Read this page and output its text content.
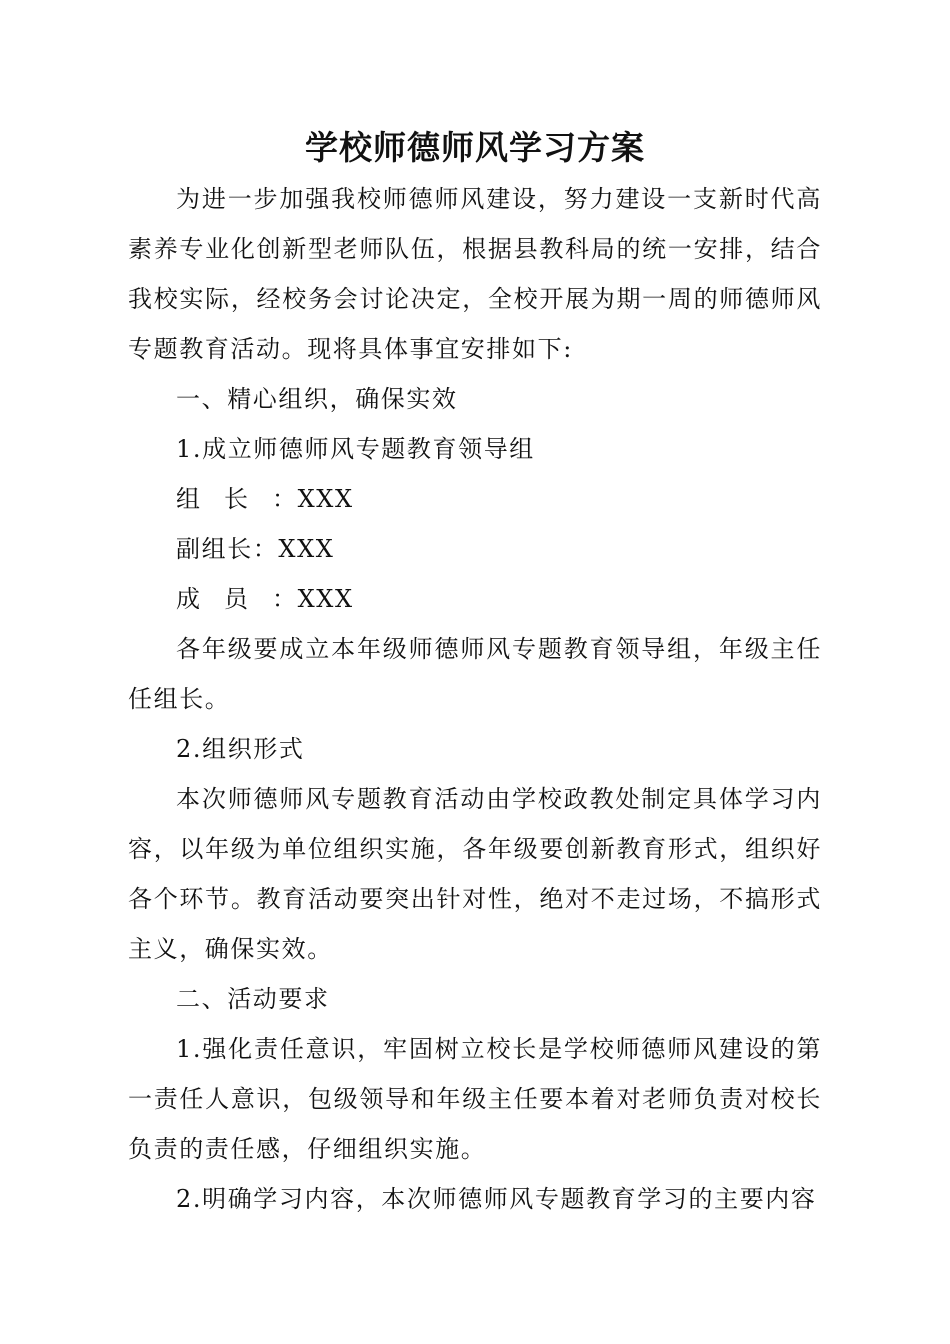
学校师德师风学习方案

为进一步加强我校师德师风建设，努力建设一支新时代高素养专业化创新型老师队伍，根据县教科局的统一安排，结合我校实际，经校务会讨论决定，全校开展为期一周的师德师风专题教育活动。现将具体事宜安排如下:

一、精心组织，确保实效

1.成立师德师风专题教育领导组

组长：XXX

副组长：XXX

成员：XXX

各年级要成立本年级师德师风专题教育领导组，年级主任任组长。

2.组织形式

本次师德师风专题教育活动由学校政教处制定具体学习内容，以年级为单位组织实施，各年级要创新教育形式，组织好各个环节。教育活动要突出针对性，绝对不走过场，不搞形式主义，确保实效。

二、活动要求

1.强化责任意识，牢固树立校长是学校师德师风建设的第一责任人意识，包级领导和年级主任要本着对老师负责对校长负责的责任感，仔细组织实施。

2.明确学习内容，本次师德师风专题教育学习的主要内容
